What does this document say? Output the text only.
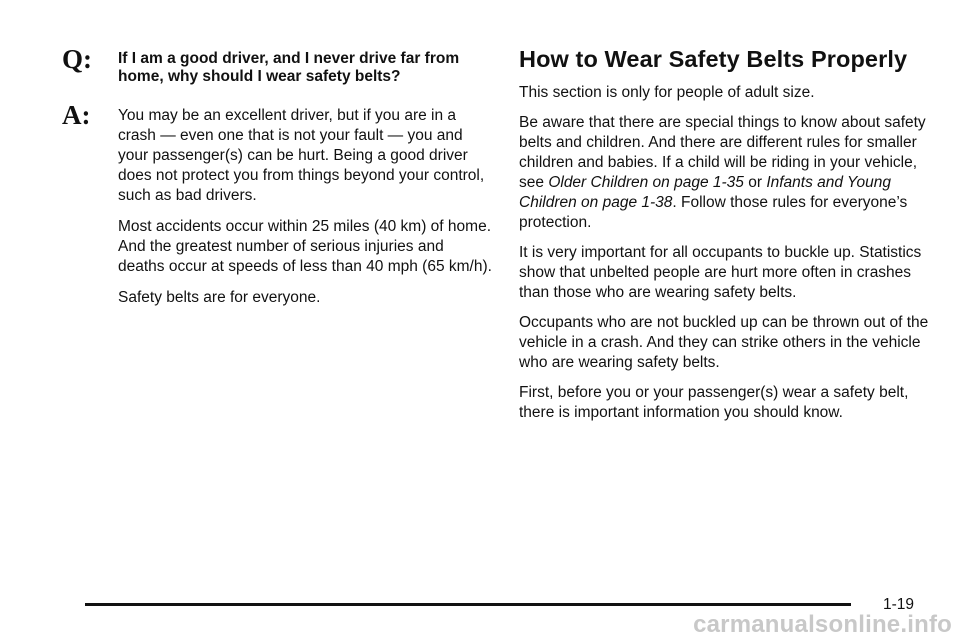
Q: If I am a good driver, and I never drive far from home, why should I wear safety belts?

A: You may be an excellent driver, but if you are in a crash — even one that is not your fault — you and your passenger(s) can be hurt. Being a good driver does not protect you from things beyond your control, such as bad drivers.

Most accidents occur within 25 miles (40 km) of home. And the greatest number of serious injuries and deaths occur at speeds of less than 40 mph (65 km/h).

Safety belts are for everyone.

How to Wear Safety Belts Properly

This section is only for people of adult size.

Be aware that there are special things to know about safety belts and children. And there are different rules for smaller children and babies. If a child will be riding in your vehicle, see Older Children on page 1-35 or Infants and Young Children on page 1-38. Follow those rules for everyone’s protection.

It is very important for all occupants to buckle up. Statistics show that unbelted people are hurt more often in crashes than those who are wearing safety belts.

Occupants who are not buckled up can be thrown out of the vehicle in a crash. And they can strike others in the vehicle who are wearing safety belts.

First, before you or your passenger(s) wear a safety belt, there is important information you should know.

1-19
carmanualsonline.info
